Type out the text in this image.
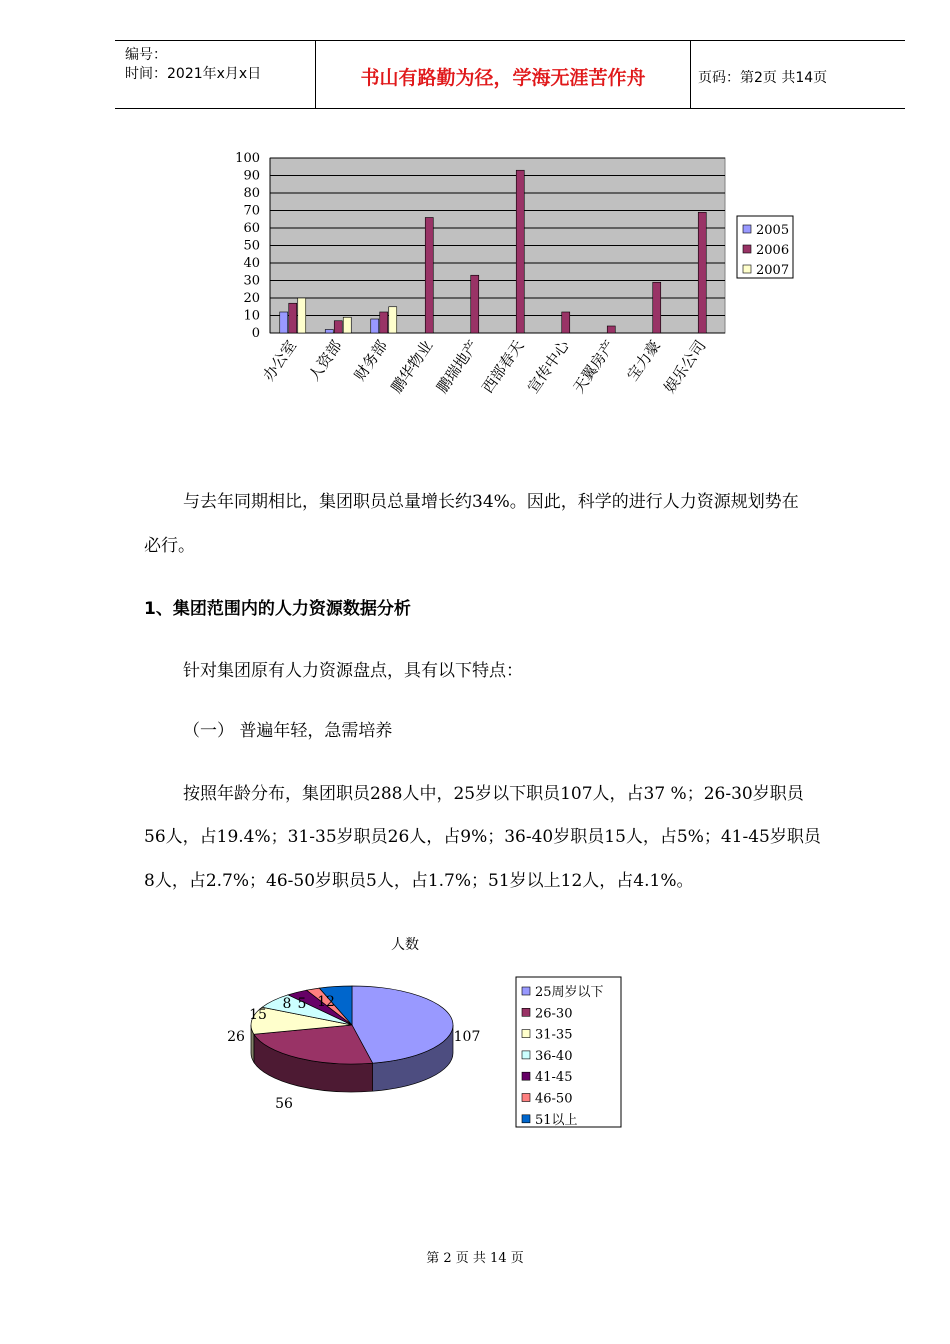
编号：
时间：2021年x月x日	书山有路勤为径，学海无涯苦作舟	页码：第2页 共14页
0
10
20
30
40
50
60
70
80
90
100
办公室 人资部 财务部
鹏华物业
鹏瑞地产
西部春天
宣传中心
天翼房产 宝力豪
娱乐公司
2005
2006
2007
与去年同期相比，集团职员总量增长约34%。因此，科学的进行人力资源规划势在
必行。
1、集团范围内的人力资源数据分析
针对集团原有人力资源盘点，具有以下特点：
（一） 普遍年轻，急需培养
按照年龄分布，集团职员288人中，25岁以下职员107人，占37 %；26-30岁职员
56人，占19.4%；31-35岁职员26人，占9%；36-40岁职员15人，占5%；41-45岁职员
8人，占2.7%；46-50岁职员5人，占1.7%；51岁以上12人，占4.1%。
人数
107
56
26
15
8 5 12
25周岁以下
26-30
31-35
36-40
41-45
46-50
51以上
第 2 页 共 14 页
